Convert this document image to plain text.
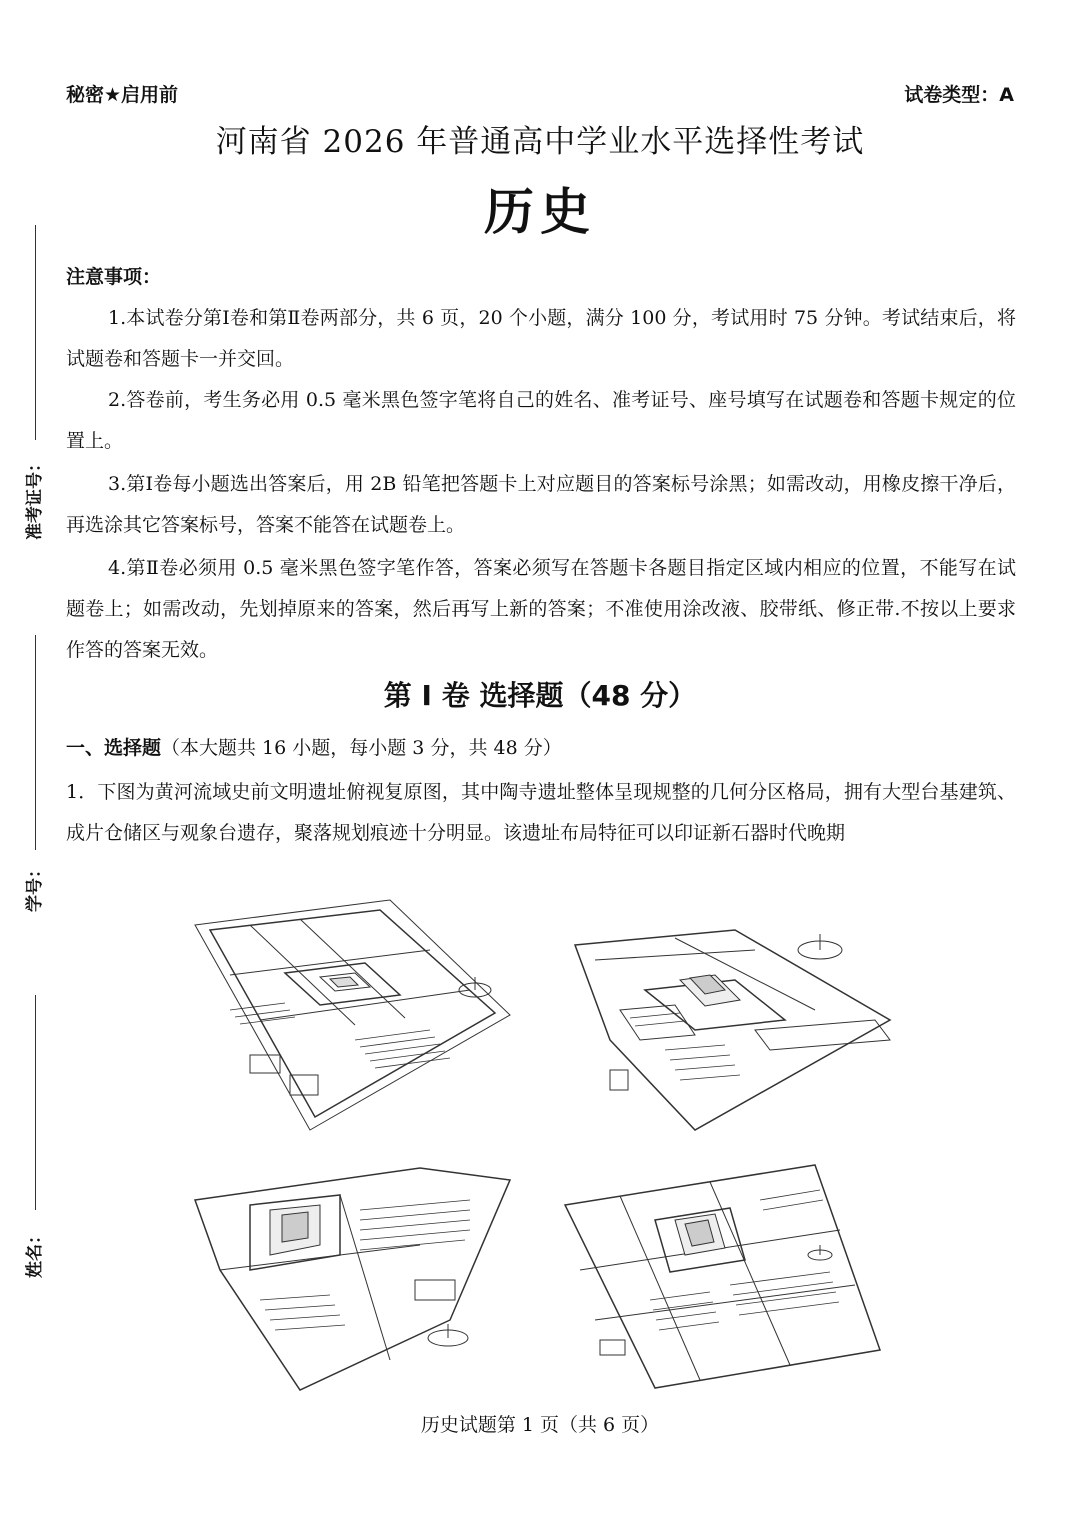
秘密★启用前	试卷类型：A
河南省 2026 年普通高中学业水平选择性考试
历史
注意事项：
1.本试卷分第Ⅰ卷和第Ⅱ卷两部分，共 6 页，20 个小题，满分 100 分，考试用时 75 分钟。考试结束后，将试题卷和答题卡一并交回。
2.答卷前，考生务必用 0.5 毫米黑色签字笔将自己的姓名、准考证号、座号填写在试题卷和答题卡规定的位置上。
3.第Ⅰ卷每小题选出答案后，用 2B 铅笔把答题卡上对应题目的答案标号涂黑；如需改动，用橡皮擦干净后，再选涂其它答案标号，答案不能答在试题卷上。
4.第Ⅱ卷必须用 0.5 毫米黑色签字笔作答，答案必须写在答题卡各题目指定区域内相应的位置，不能写在试题卷上；如需改动，先划掉原来的答案，然后再写上新的答案；不准使用涂改液、胶带纸、修正带.不按以上要求作答的答案无效。
第 I 卷 选择题（48 分）
一、选择题（本大题共 16 小题，每小题 3 分，共 48 分）
1．下图为黄河流域史前文明遗址俯视复原图，其中陶寺遗址整体呈现规整的几何分区格局，拥有大型台基建筑、成片仓储区与观象台遗存，聚落规划痕迹十分明显。该遗址布局特征可以印证新石器时代晚期
准考证号：
学号：
姓名：
历史试题第 1 页（共 6 页）
